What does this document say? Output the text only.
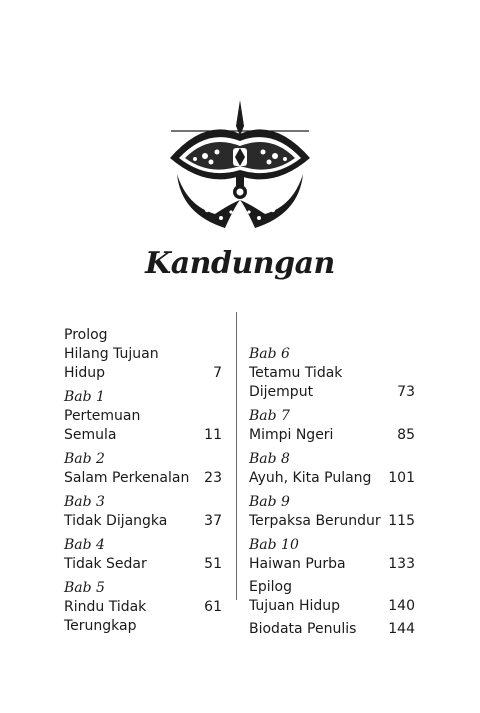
Kandungan
Prolog
Hilang Tujuan Hidup	7
Bab 1
Pertemuan Semula	11
Bab 2
Salam Perkenalan	23
Bab 3
Tidak Dijangka	37
Bab 4
Tidak Sedar	51
Bab 5
Rindu Tidak	61
Terungkap
Bab 6
Tetamu Tidak
Dijemput	73
Bab 7
Mimpi Ngeri	85
Bab 8
Ayuh, Kita Pulang	101
Bab 9
Terpaksa Berundur 115
Bab 10
Haiwan Purba	133
Epilog
Tujuan Hidup	140
Biodata Penulis	144
